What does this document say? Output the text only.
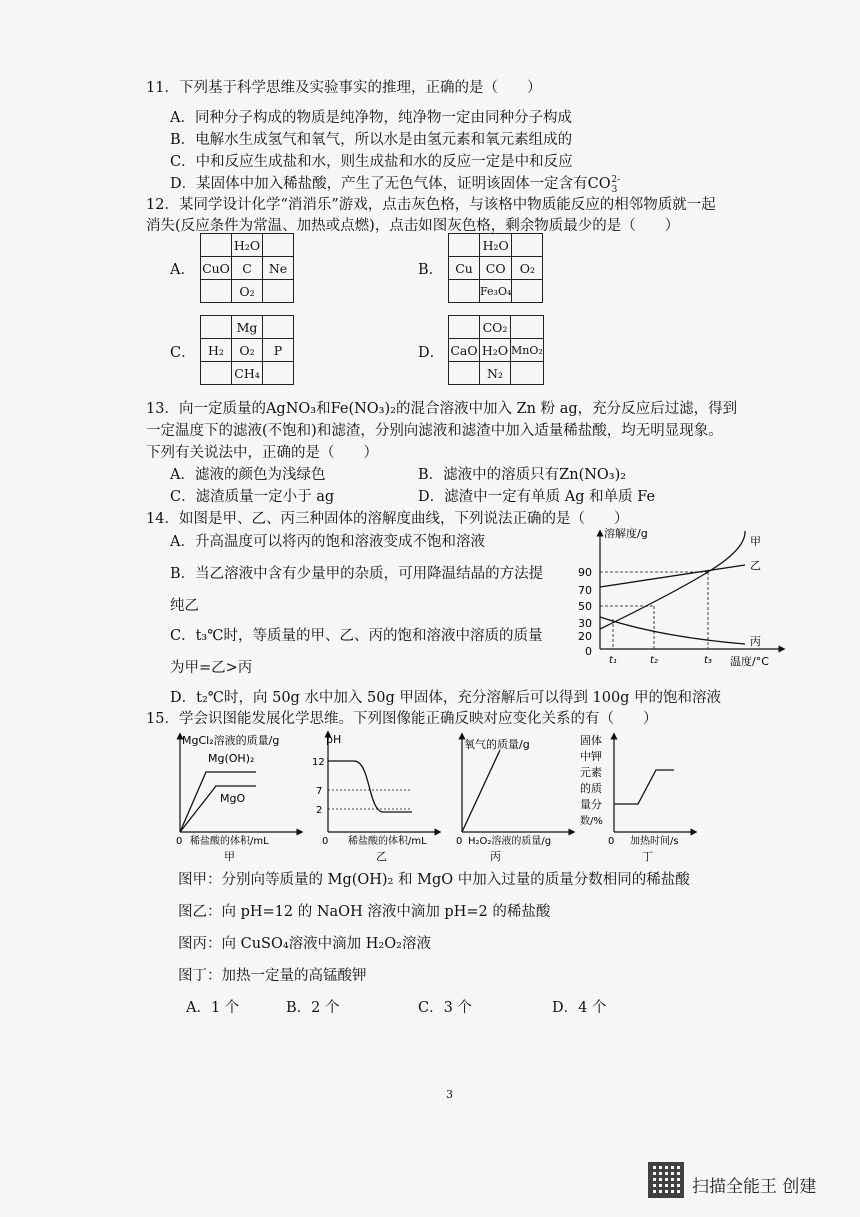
11．下列基于科学思维及实验事实的推理，正确的是（　　）
A．同种分子构成的物质是纯净物，纯净物一定由同种分子构成
B．电解水生成氢气和氧气，所以水是由氢元素和氧元素组成的
C．中和反应生成盐和水，则生成盐和水的反应一定是中和反应
D．某固体中加入稀盐酸，产生了无色气体，证明该固体一定含有$CO_3^{2-}$
12．某同学设计化学“消消乐”游戏，点击灰色格，与该格中物质能反应的相邻物质就一起
消失(反应条件为常温、加热或点燃)，点击如图灰色格，剩余物质最少的是（　　）
A．
	H₂O	
CuO	C	Ne
	O₂	
B．
	H₂O	
Cu	CO	O₂
	Fe₃O₄	
C．
	Mg	
H₂	O₂	P
	CH₄	
D．
	CO₂	
CaO	H₂O	MnO₂
	N₂	
13．向一定质量的AgNO₃和Fe(NO₃)₂的混合溶液中加入 Zn 粉 ag，充分反应后过滤，得到
一定温度下的滤液(不饱和)和滤渣，分别向滤液和滤渣中加入适量稀盐酸，均无明显现象。
下列有关说法中，正确的是（　　）
A．滤液的颜色为浅绿色	B．滤液中的溶质只有Zn(NO₃)₂
C．滤渣质量一定小于 ag	D．滤渣中一定有单质 Ag 和单质 Fe
14．如图是甲、乙、丙三种固体的溶解度曲线，下列说法正确的是（　　）
A．升高温度可以将丙的饱和溶液变成不饱和溶液
B．当乙溶液中含有少量甲的杂质，可用降温结晶的方法提
纯乙
C．t₃℃时，等质量的甲、乙、丙的饱和溶液中溶质的质量
为甲=乙>丙
D．t₂℃时，向 50g 水中加入 50g 甲固体，充分溶解后可以得到 100g 甲的饱和溶液
溶解度/g
温度/°C
0
90
70
50
30
20
甲
乙
丙
t₁	t₂	t₃
15．学会识图能发展化学思维。下列图像能正确反映对应变化关系的有（　　）
MgCl₂溶液的质量/g
Mg(OH)₂
MgO
0 稀盐酸的体积/mL
甲
pH
12
7
2
0 稀盐酸的体积/mL
乙
氧气的质量/g
0 H₂O₂溶液的质量/g
丙
固体
中钾
元素
的质
量分
数/%
0 加热时间/s
丁
图甲：分别向等质量的 Mg(OH)₂ 和 MgO 中加入过量的质量分数相同的稀盐酸
图乙：向 pH=12 的 NaOH 溶液中滴加 pH=2 的稀盐酸
图丙：向 CuSO₄溶液中滴加 H₂O₂溶液
图丁：加热一定量的高锰酸钾
A．1 个	B．2 个	C．3 个	D．4 个
3
扫描全能王 创建
